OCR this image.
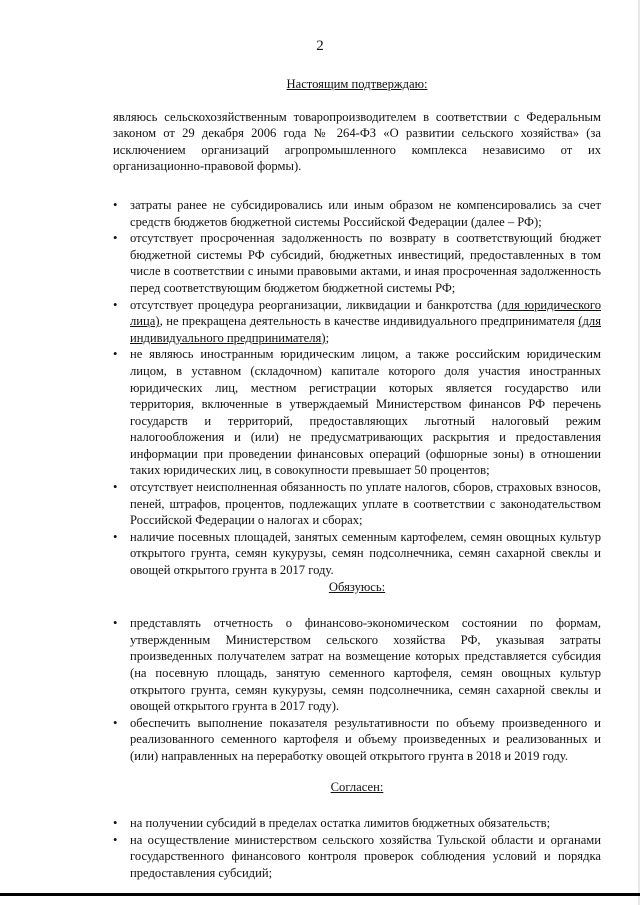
2

Настоящим подтверждаю:

являюсь сельскохозяйственным товаропроизводителем в соответствии с Федеральным законом от 29 декабря 2006 года № 264-ФЗ «О развитии сельского хозяйства» (за исключением организаций агропромышленного комплекса независимо от их организационно-правовой формы).

• затраты ранее не субсидировались или иным образом не компенсировались за счет средств бюджетов бюджетной системы Российской Федерации (далее – РФ);
• отсутствует просроченная задолженность по возврату в соответствующий бюджет бюджетной системы РФ субсидий, бюджетных инвестиций, предоставленных в том числе в соответствии с иными правовыми актами, и иная просроченная задолженность перед соответствующим бюджетом бюджетной системы РФ;
• отсутствует процедура реорганизации, ликвидации и банкротства (для юридического лица), не прекращена деятельность в качестве индивидуального предпринимателя (для индивидуального предпринимателя);
• не являюсь иностранным юридическим лицом, а также российским юридическим лицом, в уставном (складочном) капитале которого доля участия иностранных юридических лиц, местном регистрации которых является государство или территория, включенные в утверждаемый Министерством финансов РФ перечень государств и территорий, предоставляющих льготный налоговый режим налогообложения и (или) не предусматривающих раскрытия и предоставления информации при проведении финансовых операций (офшорные зоны) в отношении таких юридических лиц, в совокупности превышает 50 процентов;
• отсутствует неисполненная обязанность по уплате налогов, сборов, страховых взносов, пеней, штрафов, процентов, подлежащих уплате в соответствии с законодательством Российской Федерации о налогах и сборах;
• наличие посевных площадей, занятых семенным картофелем, семян овощных культур открытого грунта, семян кукурузы, семян подсолнечника, семян сахарной свеклы и овощей открытого грунта в 2017 году.

Обязуюсь:

• представлять отчетность о финансово-экономическом состоянии по формам, утвержденным Министерством сельского хозяйства РФ, указывая затраты произведенных получателем затрат на возмещение которых представляется субсидия (на посевную площадь, занятую семенного картофеля, семян овощных культур открытого грунта, семян кукурузы, семян подсолнечника, семян сахарной свеклы и овощей открытого грунта в 2017 году).
• обеспечить выполнение показателя результативности по объему произведенного и реализованного семенного картофеля и объему произведенных и реализованных и (или) направленных на переработку овощей открытого грунта в 2018 и 2019 году.

Согласен:

• на получении субсидий в пределах остатка лимитов бюджетных обязательств;
• на осуществление министерством сельского хозяйства Тульской области и органами государственного финансового контроля проверок соблюдения условий и порядка предоставления субсидий;
